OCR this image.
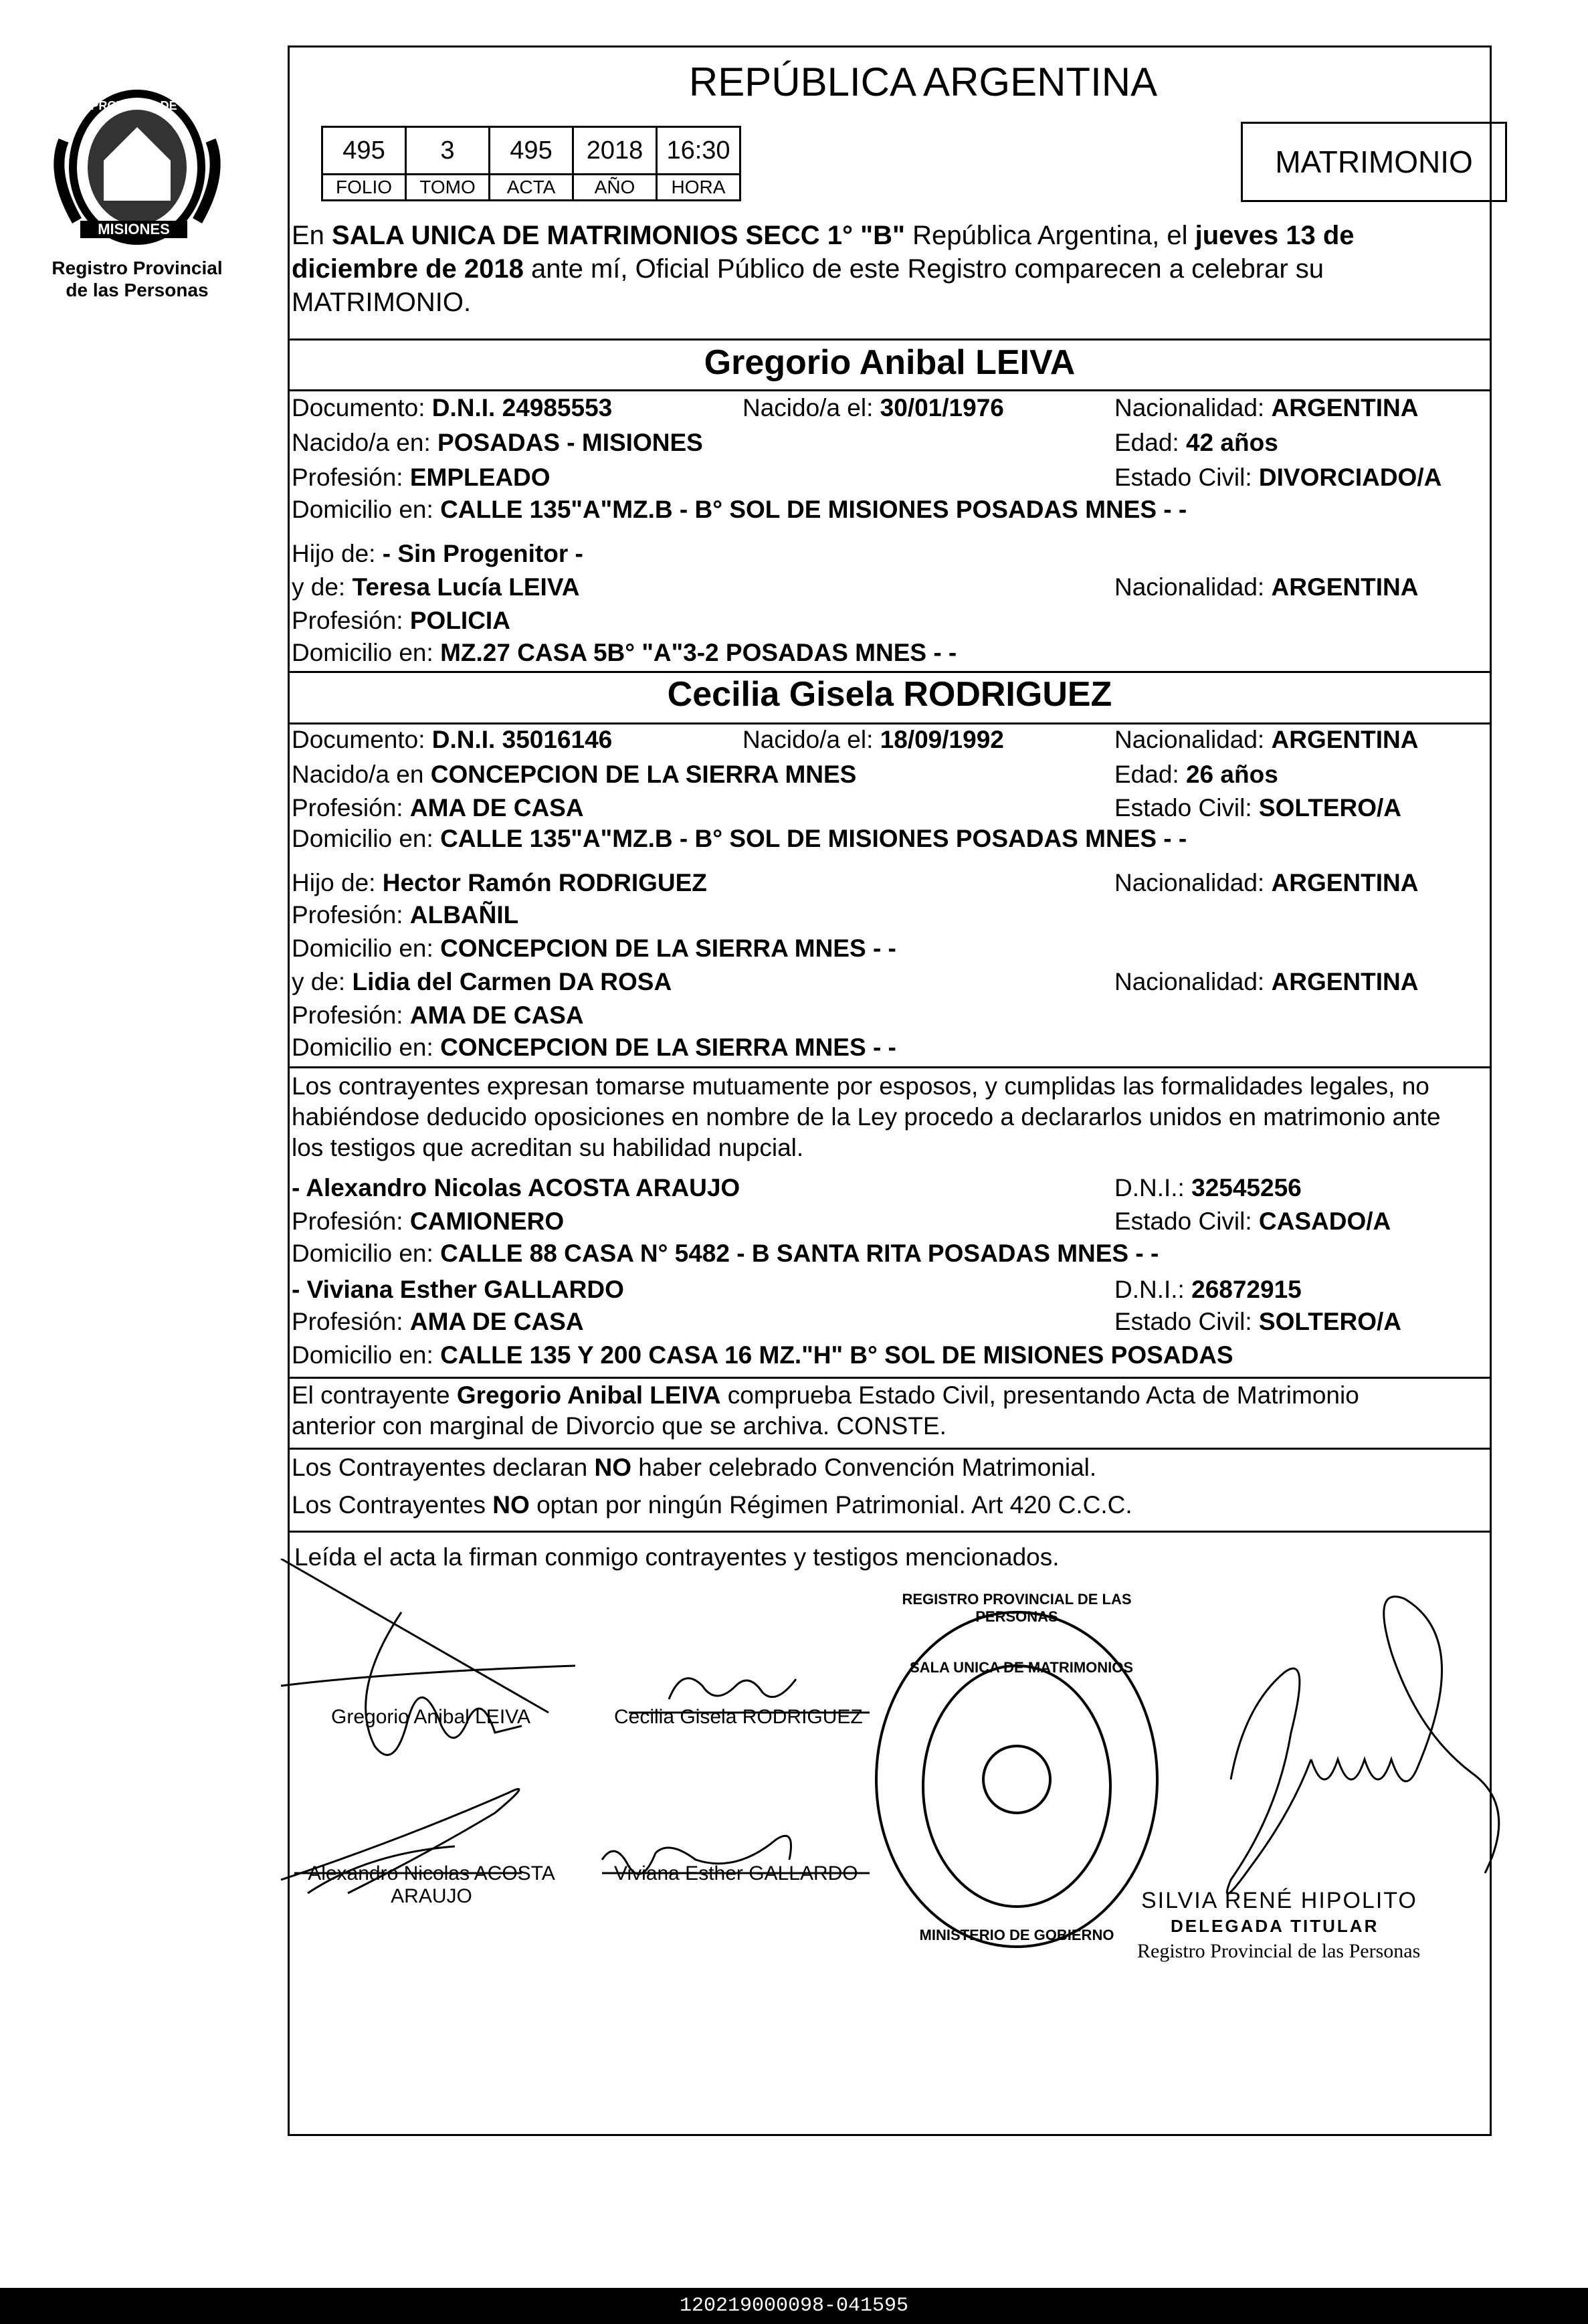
PROVINCIA DE
MISIONES
Registro Provincial
de las Personas
REPÚBLICA ARGENTINA
495	3	495	2018	16:30
FOLIO	TOMO	ACTA	AÑO	HORA
MATRIMONIO
En SALA UNICA DE MATRIMONIOS SECC 1° "B" República Argentina, el jueves 13 de
diciembre de 2018 ante mí, Oficial Público de este Registro comparecen a celebrar su
MATRIMONIO.
Gregorio Anibal LEIVA
Documento: D.N.I. 24985553	Nacido/a el: 30/01/1976	Nacionalidad: ARGENTINA
Nacido/a en: POSADAS - MISIONES	Edad: 42 años
Profesión: EMPLEADO	Estado Civil: DIVORCIADO/A
Domicilio en: CALLE 135"A"MZ.B - B° SOL DE MISIONES POSADAS MNES - -
Hijo de: - Sin Progenitor -
y de: Teresa Lucía LEIVA	Nacionalidad: ARGENTINA
Profesión: POLICIA
Domicilio en: MZ.27 CASA 5B° "A"3-2 POSADAS MNES - -
Cecilia Gisela RODRIGUEZ
Documento: D.N.I. 35016146	Nacido/a el: 18/09/1992	Nacionalidad: ARGENTINA
Nacido/a en CONCEPCION DE LA SIERRA MNES	Edad: 26 años
Profesión: AMA DE CASA	Estado Civil: SOLTERO/A
Domicilio en: CALLE 135"A"MZ.B - B° SOL DE MISIONES POSADAS MNES - -
Hijo de: Hector Ramón RODRIGUEZ	Nacionalidad: ARGENTINA
Profesión: ALBAÑIL
Domicilio en: CONCEPCION DE LA SIERRA MNES - -
y de: Lidia del Carmen DA ROSA	Nacionalidad: ARGENTINA
Profesión: AMA DE CASA
Domicilio en: CONCEPCION DE LA SIERRA MNES - -
Los contrayentes expresan tomarse mutuamente por esposos, y cumplidas las formalidades legales, no
habiéndose deducido oposiciones en nombre de la Ley procedo a declararlos unidos en matrimonio ante
los testigos que acreditan su habilidad nupcial.
- Alexandro Nicolas ACOSTA ARAUJO	D.N.I.: 32545256
Profesión: CAMIONERO	Estado Civil: CASADO/A
Domicilio en: CALLE 88 CASA N° 5482 - B SANTA RITA POSADAS MNES - -
- Viviana Esther GALLARDO	D.N.I.: 26872915
Profesión: AMA DE CASA	Estado Civil: SOLTERO/A
Domicilio en: CALLE 135 Y 200 CASA 16 MZ."H" B° SOL DE MISIONES POSADAS
El contrayente Gregorio Anibal LEIVA comprueba Estado Civil, presentando Acta de Matrimonio
anterior con marginal de Divorcio que se archiva. CONSTE.
Los Contrayentes declaran NO haber celebrado Convención Matrimonial.
Los Contrayentes NO optan por ningún Régimen Patrimonial. Art 420 C.C.C.
Leída el acta la firman conmigo contrayentes y testigos mencionados.
SALA UNICA DE MATRIMONIOS
REGISTRO PROVINCIAL DE LAS PERSONAS
MINISTERIO DE GOBIERNO
Gregorio Anibal LEIVA	Cecilia Gisela RODRIGUEZ
Alexandro Nicolas ACOSTA
ARAUJO
Viviana Esther GALLARDO
SILVIA RENÉ HIPOLITO
DELEGADA TITULAR
Registro Provincial de las Personas
120219000098-041595
